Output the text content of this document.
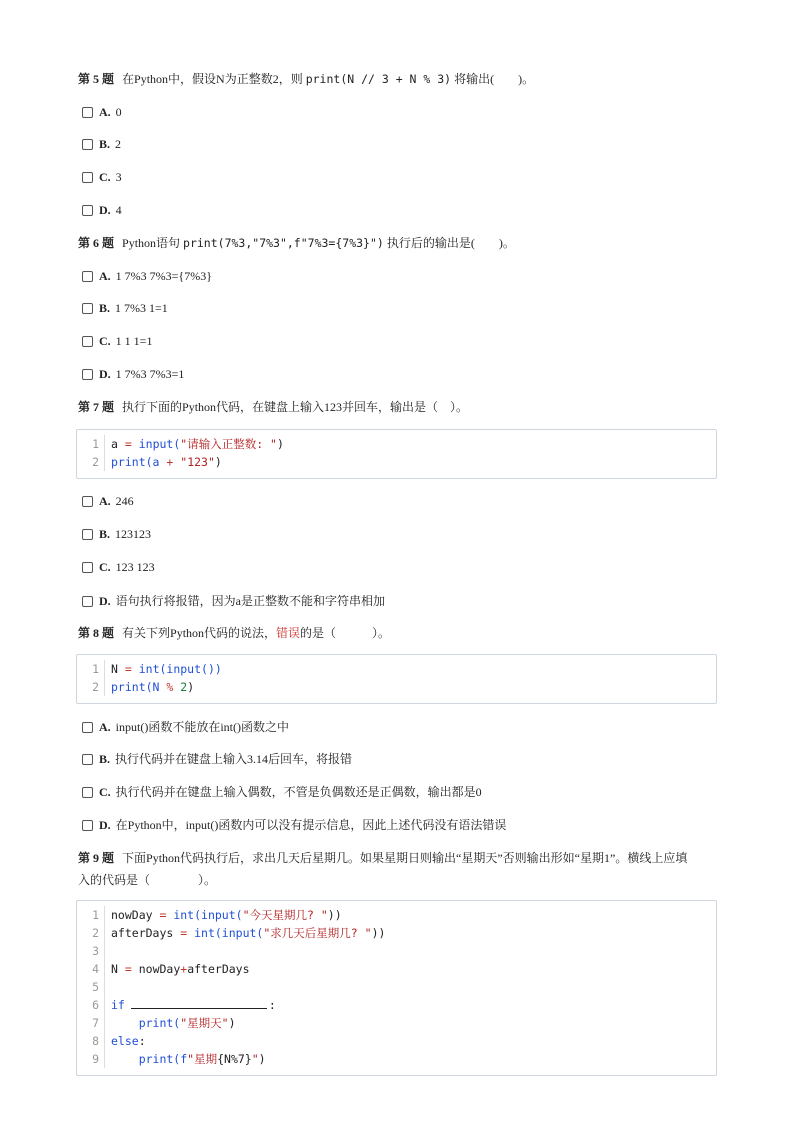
第 5 题 在Python中，假设N为正整数2，则 print(N // 3 + N % 3) 将输出(　　)。
A. 0
B. 2
C. 3
D. 4
第 6 题 Python语句 print(7%3,"7%3",f"7%3={7%3}") 执行后的输出是(　　)。
A. 1 7%3 7%3={7%3}
B. 1 7%3 1=1
C. 1 1 1=1
D. 1 7%3 7%3=1
第 7 题 执行下面的Python代码，在键盘上输入123并回车，输出是（　）。
1	a = input( "请输入正整数: " )
2	print(a +
"123" )
A. 246
B. 123123
C. 123 123
D. 语句执行将报错，因为a是正整数不能和字符串相加
第 8 题 有关下列Python代码的说法，错误的是（　　　）。
1	N = int(input())
2	print(N %
2 )
A. input()函数不能放在int()函数之中
B. 执行代码并在键盘上输入3.14后回车，将报错
C. 执行代码并在键盘上输入偶数，不管是负偶数还是正偶数，输出都是0
D. 在Python中，input()函数内可以没有提示信息，因此上述代码没有语法错误
第 9 题 下面Python代码执行后，求出几天后星期几。如果星期日则输出“星期天”否则输出形如“星期1”。横线上应填
入的代码是（　　　　）。
1	nowDay = int(input( "今天星期几? " ))
2	afterDays = int(input( "求几天后星期几? " ))
3
4	N = nowDay + afterDays
5
6	if	:
7	print( "星期天" )
8	else :
9	print(f "星期 {N%7} " )
